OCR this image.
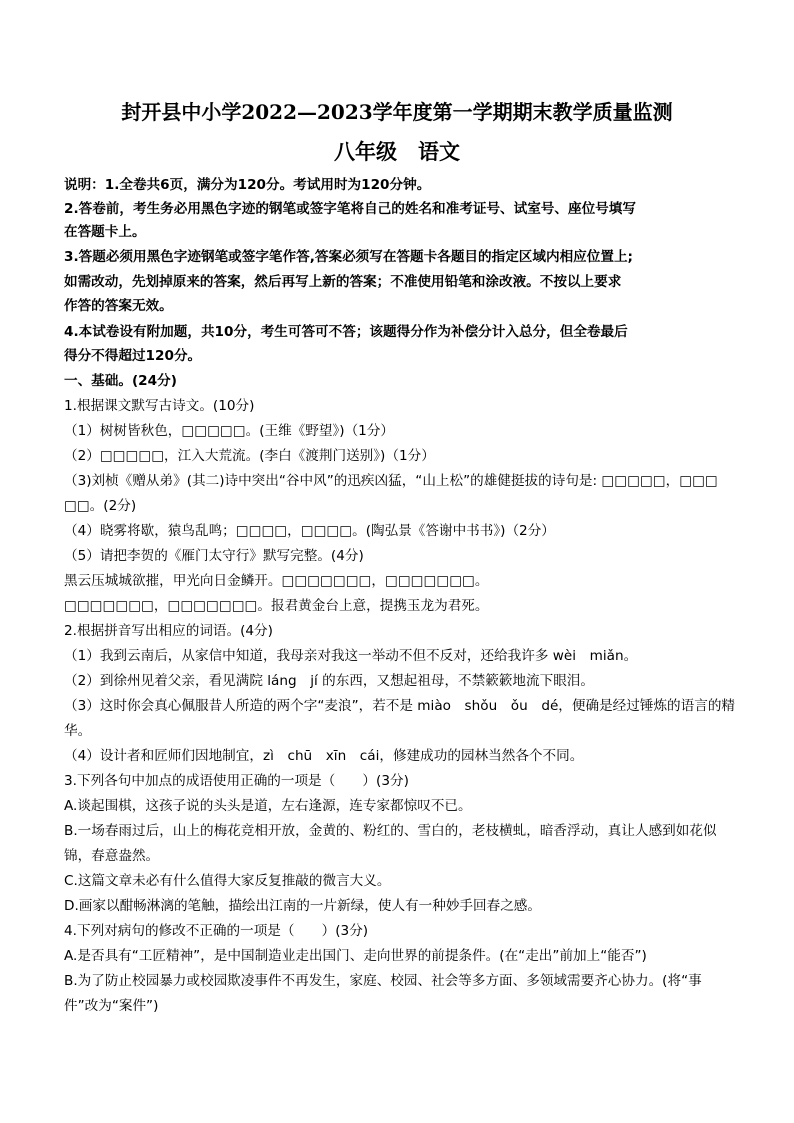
封开县中小学2022—2023学年度第一学期期末教学质量监测
八年级　语文
说明：1.全卷共6页，满分为120分。考试用时为120分钟。
2.答卷前，考生务必用黑色字迹的钢笔或签字笔将自己的姓名和准考证号、试室号、座位号填写
在答题卡上。
3.答题必须用黑色字迹钢笔或签字笔作答,答案必须写在答题卡各题目的指定区域内相应位置上;
如需改动，先划掉原来的答案，然后再写上新的答案；不准使用铅笔和涂改液。不按以上要求
作答的答案无效。
4.本试卷设有附加题，共10分，考生可答可不答；该题得分作为补偿分计入总分，但全卷最后
得分不得超过120分。
一、基础。(24分)
1.根据课文默写古诗文。(10分)
（1）树树皆秋色，□□□□□。(王维《野望》)（1分）
（2）□□□□□，江入大荒流。(李白《渡荆门送别》)（1分）
（3)刘桢《赠从弟》(其二)诗中突出“谷中风”的迅疾凶猛，“山上松”的雄健挺拔的诗句是: □□□□□，□□□
□□。(2分)
（4）晓雾将歇，猿鸟乱鸣；□□□□，□□□□。(陶弘景《答谢中书书》)（2分）
（5）请把李贺的《雁门太守行》默写完整。(4分)
黑云压城城欲摧，甲光向日金鳞开。□□□□□□□，□□□□□□□。
□□□□□□□，□□□□□□□。报君黄金台上意，提携玉龙为君死。
2.根据拼音写出相应的词语。(4分)
（1）我到云南后，从家信中知道，我母亲对我这一举动不但不反对，还给我许多 wèi　miǎn。
（2）到徐州见着父亲，看见满院 láng　jí 的东西，又想起祖母，不禁簌簌地流下眼泪。
（3）这时你会真心佩服昔人所造的两个字“麦浪”，若不是 miào　shǒu　ǒu　dé，便确是经过锤炼的语言的精
华。
（4）设计者和匠师们因地制宜，zì　chū　xīn　cái，修建成功的园林当然各个不同。
3.下列各句中加点的成语使用正确的一项是（　　）(3分)
A.谈起围棋，这孩子说的头头是道，左右逢源，连专家都惊叹不已。
B.一场春雨过后，山上的梅花竞相开放，金黄的、粉红的、雪白的，老枝横虬，暗香浮动，真让人感到如花似
锦，春意盎然。
C.这篇文章未必有什么值得大家反复推敲的微言大义。
D.画家以酣畅淋漓的笔触，描绘出江南的一片新绿，使人有一种妙手回春之感。
4.下列对病句的修改不正确的一项是（　　）(3分)
A.是否具有“工匠精神”，是中国制造业走出国门、走向世界的前提条件。(在“走出”前加上“能否”)
B.为了防止校园暴力或校园欺凌事件不再发生，家庭、校园、社会等多方面、多领域需要齐心协力。(将“事
件”改为“案件”)
